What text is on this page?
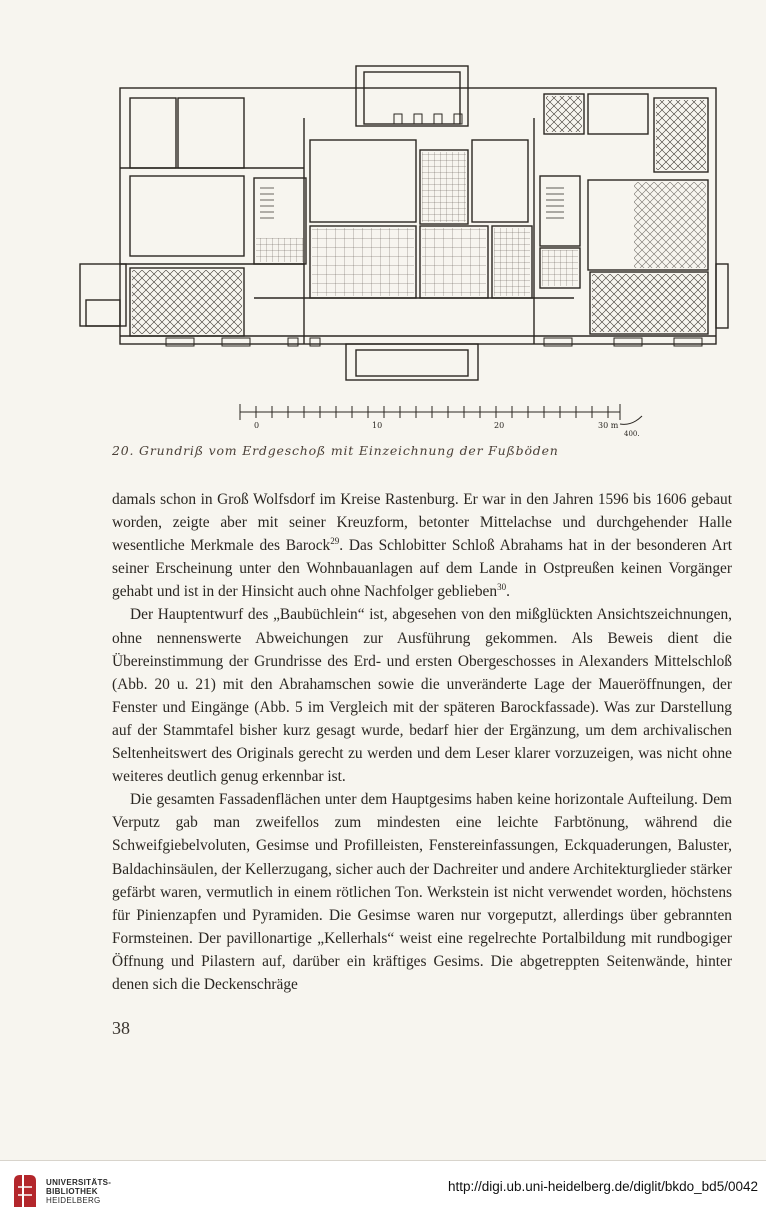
0	10	20	30 m
400.
20. Grundriß vom Erdgeschoß mit Einzeichnung der Fußböden

damals schon in Groß Wolfsdorf im Kreise Rastenburg. Er war in den Jahren 1596 bis 1606 gebaut worden, zeigte aber mit seiner Kreuzform, betonter Mittelachse und durchgehender Halle wesentliche Merkmale des Barock$^{29}$. Das Schlobitter Schloß Abrahams hat in der besonderen Art seiner Erscheinung unter den Wohnbauanlagen auf dem Lande in Ostpreußen keinen Vorgänger gehabt und ist in der Hinsicht auch ohne Nachfolger geblieben$^{30}$.

Der Hauptentwurf des „Baubüchlein“ ist, abgesehen von den mißglückten Ansichtszeichnungen, ohne nennenswerte Abweichungen zur Ausführung gekommen. Als Beweis dient die Übereinstimmung der Grundrisse des Erd- und ersten Obergeschosses in Alexanders Mittelschloß (Abb. 20 u. 21) mit den Abrahamschen sowie die unveränderte Lage der Maueröffnungen, der Fenster und Eingänge (Abb. 5 im Vergleich mit der späteren Barockfassade). Was zur Darstellung auf der Stammtafel bisher kurz gesagt wurde, bedarf hier der Ergänzung, um dem archivalischen Seltenheitswert des Originals gerecht zu werden und dem Leser klarer vorzuzeigen, was nicht ohne weiteres deutlich genug erkennbar ist.

Die gesamten Fassadenflächen unter dem Hauptgesims haben keine horizontale Aufteilung. Dem Verputz gab man zweifellos zum mindesten eine leichte Farbtönung, während die Schweifgiebelvoluten, Gesimse und Profilleisten, Fenstereinfassungen, Eckquaderungen, Baluster, Baldachinsäulen, der Kellerzugang, sicher auch der Dachreiter und andere Architekturglieder stärker gefärbt waren, vermutlich in einem rötlichen Ton. Werkstein ist nicht verwendet worden, höchstens für Pinienzapfen und Pyramiden. Die Gesimse waren nur vorgeputzt, allerdings über gebrannten Formsteinen. Der pavillonartige „Kellerhals“ weist eine regelrechte Portalbildung mit rundbogiger Öffnung und Pilastern auf, darüber ein kräftiges Gesims. Die abgetreppten Seitenwände, hinter denen sich die Deckenschräge

38
UNIVERSITÄTS-
BIBLIOTHEK
HEIDELBERG
http://digi.ub.uni-heidelberg.de/diglit/bkdo_bd5/0042
